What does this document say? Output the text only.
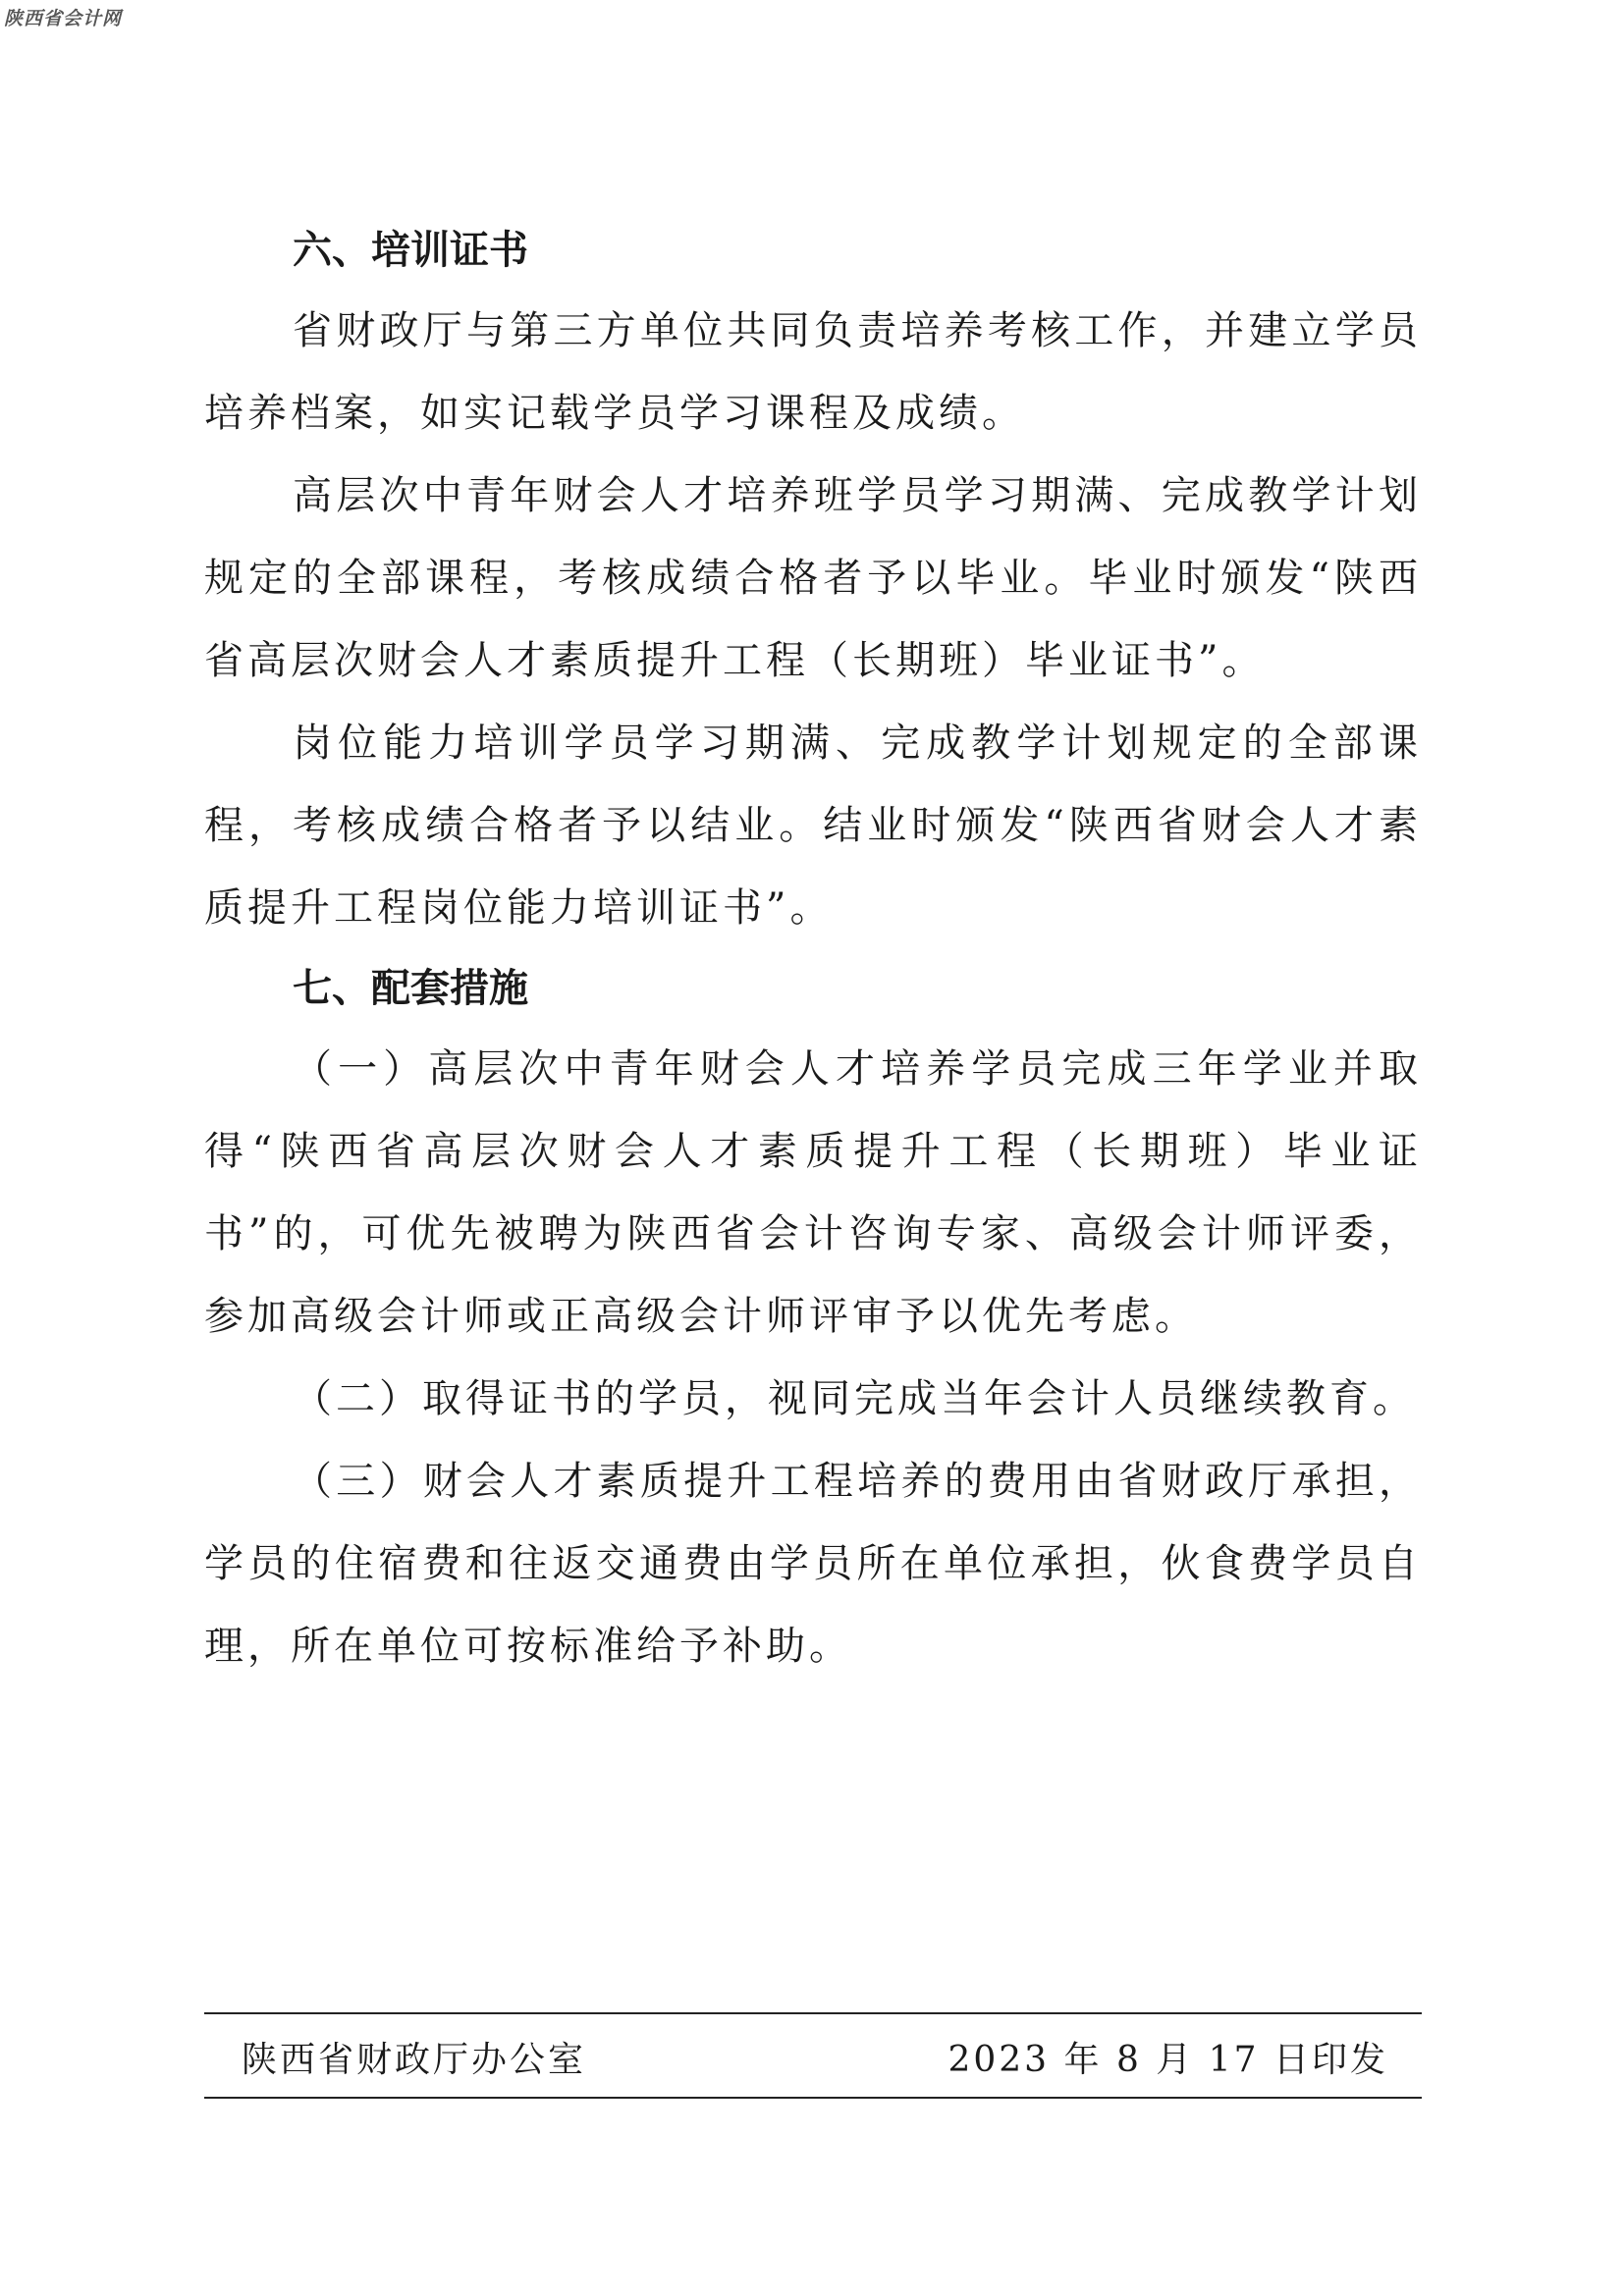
陕西省会计网
六、培训证书

省财政厅与第三方单位共同负责培养考核工作，并建立学员培养档案，如实记载学员学习课程及成绩。

高层次中青年财会人才培养班学员学习期满、完成教学计划规定的全部课程，考核成绩合格者予以毕业。毕业时颁发“陕西省高层次财会人才素质提升工程（长期班）毕业证书”。

岗位能力培训学员学习期满、完成教学计划规定的全部课程，考核成绩合格者予以结业。结业时颁发“陕西省财会人才素质提升工程岗位能力培训证书”。

七、配套措施

（一）高层次中青年财会人才培养学员完成三年学业并取得“陕西省高层次财会人才素质提升工程（长期班）毕业证书”的，可优先被聘为陕西省会计咨询专家、高级会计师评委，参加高级会计师或正高级会计师评审予以优先考虑。

（二）取得证书的学员，视同完成当年会计人员继续教育。

（三）财会人才素质提升工程培养的费用由省财政厅承担，学员的住宿费和往返交通费由学员所在单位承担，伙食费学员自理，所在单位可按标准给予补助。

陕西省财政厅办公室	2023 年 8 月 17 日印发
